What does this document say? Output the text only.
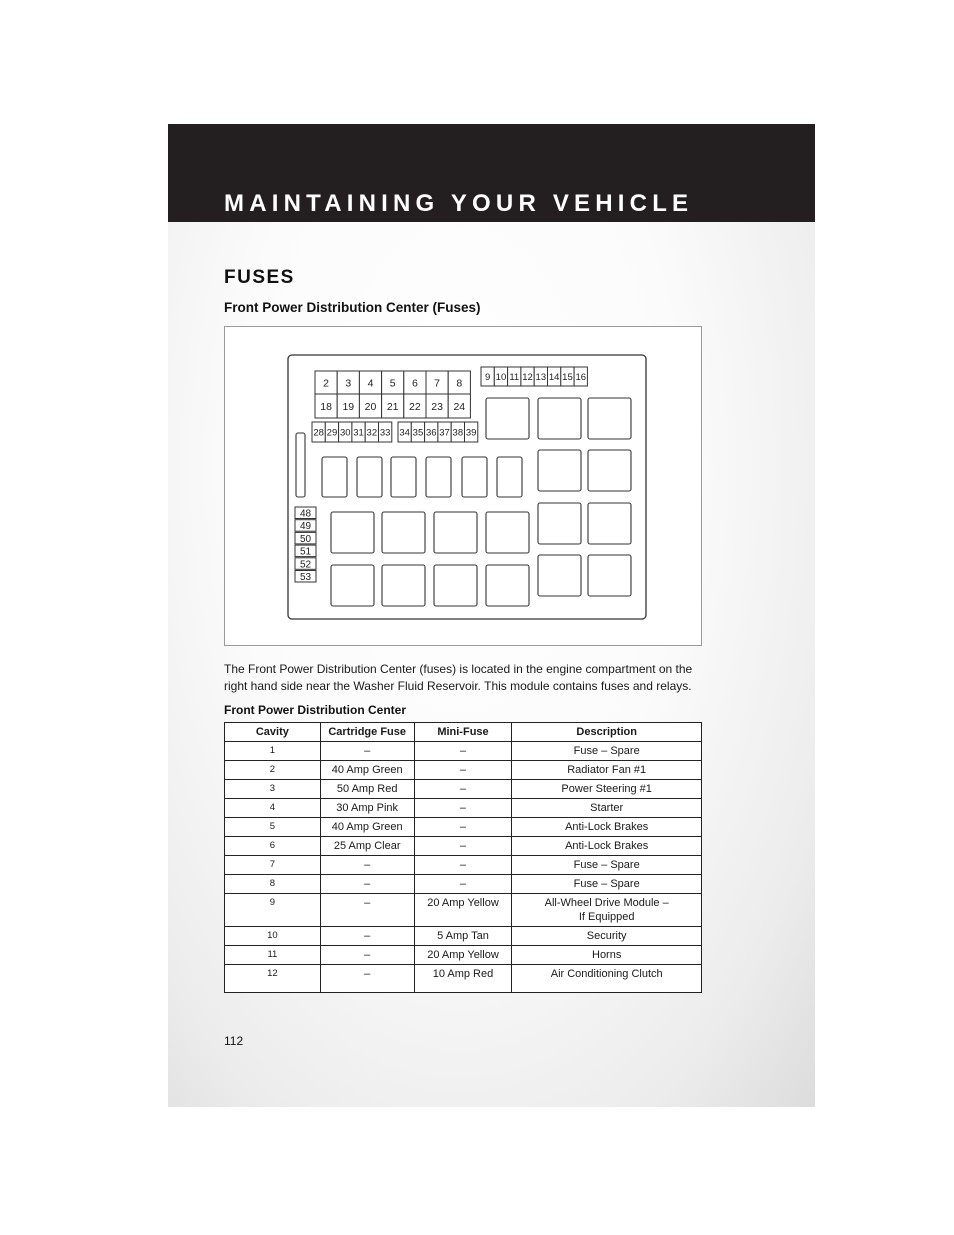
MAINTAINING YOUR VEHICLE
FUSES
Front Power Distribution Center (Fuses)
2 3 4 5 6 7 8
18 19 20 21 22 23 24
9 10 11 12 13 14 15 16
28 29 30 31 32 33 34 35 36 37 38 39
48
49
50
51
52
53
The Front Power Distribution Center (fuses) is located in the engine compartment on the right hand side near the Washer Fluid Reservoir. This module contains fuses and relays.
Front Power Distribution Center
Cavity	Cartridge Fuse	Mini-Fuse	Description
1	–	–	Fuse – Spare
2	40 Amp Green	–	Radiator Fan #1
3	50 Amp Red	–	Power Steering #1
4	30 Amp Pink	–	Starter
5	40 Amp Green	–	Anti-Lock Brakes
6	25 Amp Clear	–	Anti-Lock Brakes
7	–	–	Fuse – Spare
8	–	–	Fuse – Spare
9	–	20 Amp Yellow	All-Wheel Drive Module – If Equipped
10	–	5 Amp Tan	Security
11	–	20 Amp Yellow	Horns
12	–	10 Amp Red	Air Conditioning Clutch
112
